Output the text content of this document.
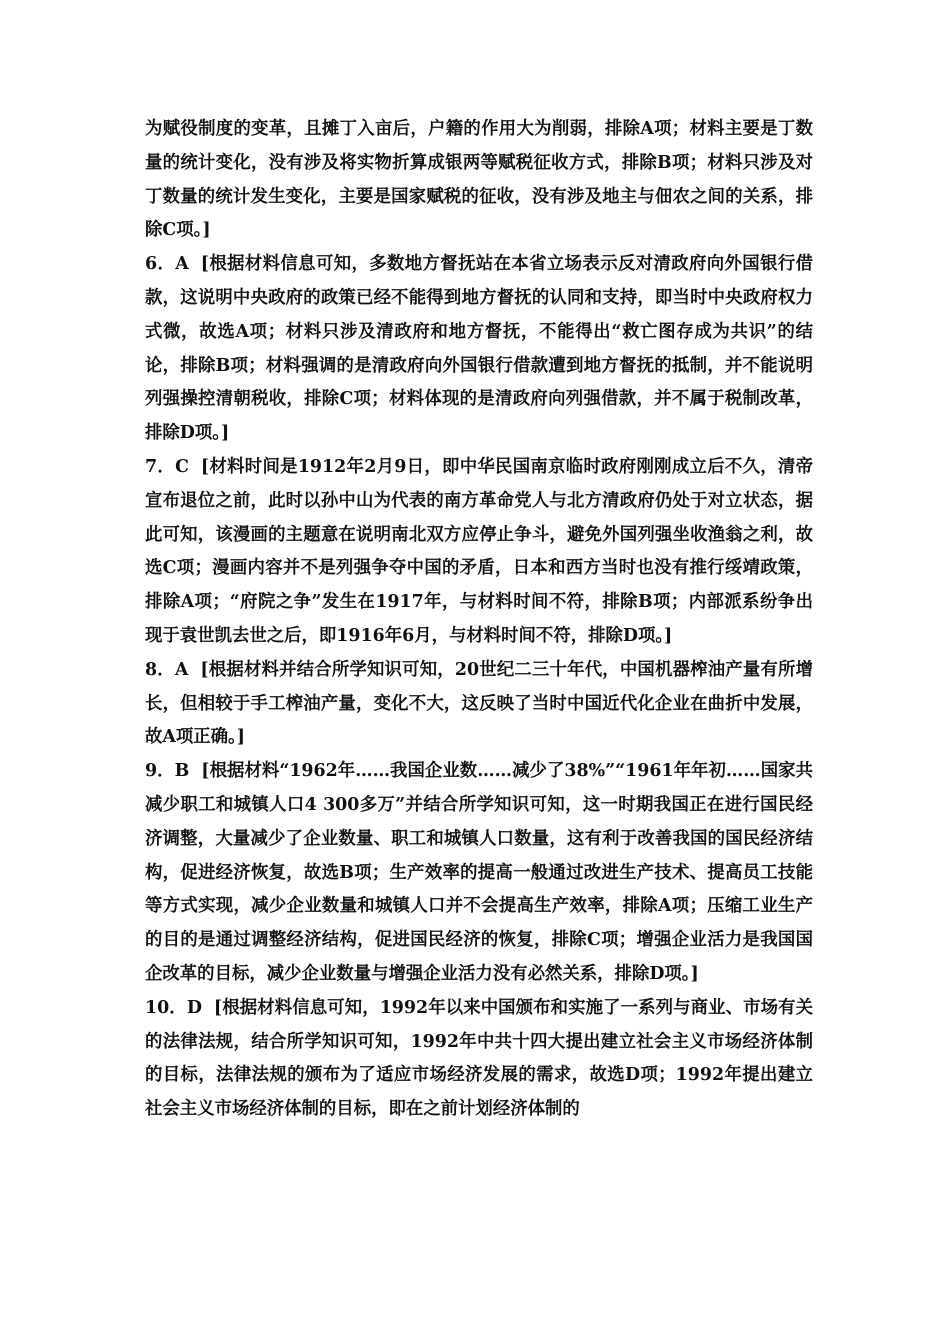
为赋役制度的变革，且摊丁入亩后，户籍的作用大为削弱，排除A项；材料主要是丁数量的统计变化，没有涉及将实物折算成银两等赋税征收方式，排除B项；材料只涉及对丁数量的统计发生变化，主要是国家赋税的征收，没有涉及地主与佃农之间的关系，排除C项。]

6．A [根据材料信息可知，多数地方督抚站在本省立场表示反对清政府向外国银行借款，这说明中央政府的政策已经不能得到地方督抚的认同和支持，即当时中央政府权力式微，故选A项；材料只涉及清政府和地方督抚，不能得出“救亡图存成为共识”的结论，排除B项；材料强调的是清政府向外国银行借款遭到地方督抚的抵制，并不能说明列强操控清朝税收，排除C项；材料体现的是清政府向列强借款，并不属于税制改革，排除D项。]

7．C [材料时间是1912年2月9日，即中华民国南京临时政府刚刚成立后不久，清帝宣布退位之前，此时以孙中山为代表的南方革命党人与北方清政府仍处于对立状态，据此可知，该漫画的主题意在说明南北双方应停止争斗，避免外国列强坐收渔翁之利，故选C项；漫画内容并不是列强争夺中国的矛盾，日本和西方当时也没有推行绥靖政策，排除A项；“府院之争”发生在1917年，与材料时间不符，排除B项；内部派系纷争出现于袁世凯去世之后，即1916年6月，与材料时间不符，排除D项。]

8．A [根据材料并结合所学知识可知，20世纪二三十年代，中国机器榨油产量有所增长，但相较于手工榨油产量，变化不大，这反映了当时中国近代化企业在曲折中发展，故A项正确。]

9．B [根据材料“1962年……我国企业数……减少了38%”“1961年年初……国家共减少职工和城镇人口4 300多万”并结合所学知识可知，这一时期我国正在进行国民经济调整，大量减少了企业数量、职工和城镇人口数量，这有利于改善我国的国民经济结构，促进经济恢复，故选B项；生产效率的提高一般通过改进生产技术、提高员工技能等方式实现，减少企业数量和城镇人口并不会提高生产效率，排除A项；压缩工业生产的目的是通过调整经济结构，促进国民经济的恢复，排除C项；增强企业活力是我国国企改革的目标，减少企业数量与增强企业活力没有必然关系，排除D项。]

10．D [根据材料信息可知，1992年以来中国颁布和实施了一系列与商业、市场有关的法律法规，结合所学知识可知，1992年中共十四大提出建立社会主义市场经济体制的目标，法律法规的颁布为了适应市场经济发展的需求，故选D项；1992年提出建立社会主义市场经济体制的目标，即在之前计划经济体制的
